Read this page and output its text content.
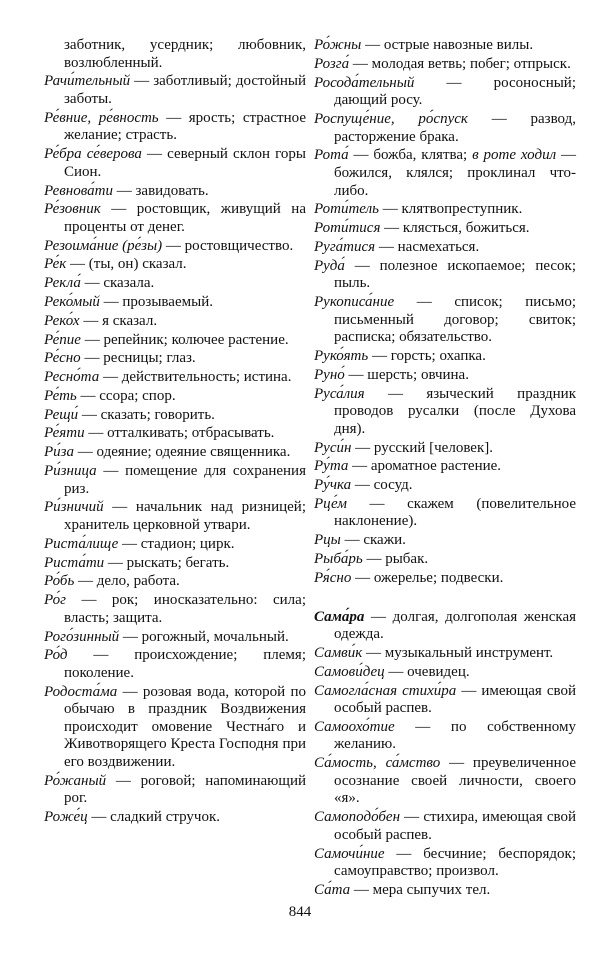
заботник, усердник; любовник, возлюбленный.
Рачи́тельный — заботливый; достойный заботы.
Ре́вние, ре́вность — ярость; страстное желание; страсть.
Ре́бра се́верова — северный склон горы Сион.
Ревнова́ти — завидовать.
Ре́зовник — ростовщик, живущий на проценты от денег.
Резоима́ние (ре́зы) — ростовщичество.
Ре́к — (ты, он) сказал.
Рекла́ — сказала.
Реко́мый — прозываемый.
Реко́х — я сказал.
Ре́пие — репейник; колючее растение.
Ре́сно — ресницы; глаз.
Ресно́та — действительность; истина.
Ре́ть — ссора; спор.
Рещи́ — сказать; говорить.
Ре́яти — отталкивать; отбрасывать.
Ри́за — одеяние; одеяние священника.
Ри́зница — помещение для сохранения риз.
Ри́зничий — начальник над ризницей; хранитель церковной утвари.
Риста́лище — стадион; цирк.
Риста́ти — рыскать; бегать.
Ро́бь — дело, работа.
Ро́г — рок; иносказательно: сила; власть; защита.
Рого́зинный — рогожный, мочальный.
Ро́д — происхождение; племя; поколение.
Родоста́ма — розовая вода, которой по обычаю в праздник Воздвижения происходит омовение Честна́го и Животворящего Креста Господня при его воздвижении.
Ро́жаный — роговой; напоминающий рог.
Роже́ц — сладкий стручок.
Ро́жны — острые навозные вилы.
Розга́ — молодая ветвь; побег; отпрыск.
Росода́тельный — росоносный; дающий росу.
Роспуще́ние, ро́спуск — развод, расторжение брака.
Рота́ — божба, клятва; в роте ходил — божился, клялся; проклинал что-либо.
Роти́тель — клятвопреступник.
Роти́тися — клясться, божиться.
Руга́тися — насмехаться.
Руда́ — полезное ископаемое; песок; пыль.
Рукописа́ние — список; письмо; письменный договор; свиток; расписка; обязательство.
Руко́ять — горсть; охапка.
Руно́ — шерсть; овчина.
Руса́лия — языческий праздник проводов русалки (после Духова дня).
Руси́н — русский [человек].
Ру́та — ароматное растение.
Ру́чка — сосуд.
Рце́м — скажем (повелительное наклонение).
Рцы — скажи.
Рыба́рь — рыбак.
Ря́сно — ожерелье; подвески.
Сама́ра — долгая, долгополая женская одежда.
Самви́к — музыкальный инструмент.
Самови́дец — очевидец.
Самогла́сная стихи́ра — имеющая свой особый распев.
Самоохо́тие — по собственному желанию.
Са́мость, са́мство — преувеличенное осознание своей личности, своего «я».
Самоподо́бен — стихира, имеющая свой особый распев.
Самочи́ние — бесчиние; беспорядок; самоуправство; произвол.
Са́та — мера сыпучих тел.
844
